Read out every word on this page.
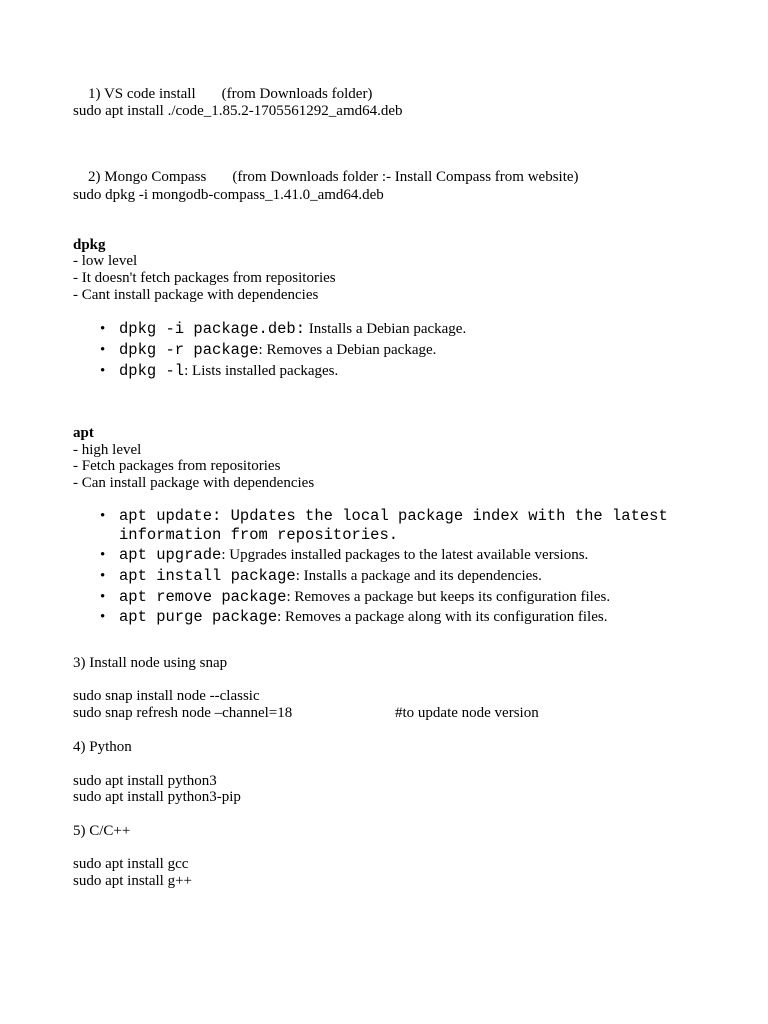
1) VS code install (from Downloads folder)

sudo apt install ./code_1.85.2-1705561292_amd64.deb

2) Mongo Compass (from Downloads folder :- Install Compass from website)

sudo dpkg -i mongodb-compass_1.41.0_amd64.deb
dpkg
- low level
- It doesn't fetch packages from repositories
- Cant install package with dependencies
• dpkg -i package.deb: Installs a Debian package.
• dpkg -r package: Removes a Debian package.
• dpkg -l: Lists installed packages.
apt
- high level
- Fetch packages from repositories
- Can install package with dependencies
• apt update: Updates the local package index with the latest
information from repositories.
• apt upgrade: Upgrades installed packages to the latest available versions.
• apt install package: Installs a package and its dependencies.
• apt remove package: Removes a package but keeps its configuration files.
• apt purge package: Removes a package along with its configuration files.
3) Install node using snap
sudo snap install node --classic
sudo snap refresh node –channel=18	#to update node version
4) Python
sudo apt install python3
sudo apt install python3-pip
5) C/C++
sudo apt install gcc
sudo apt install g++
